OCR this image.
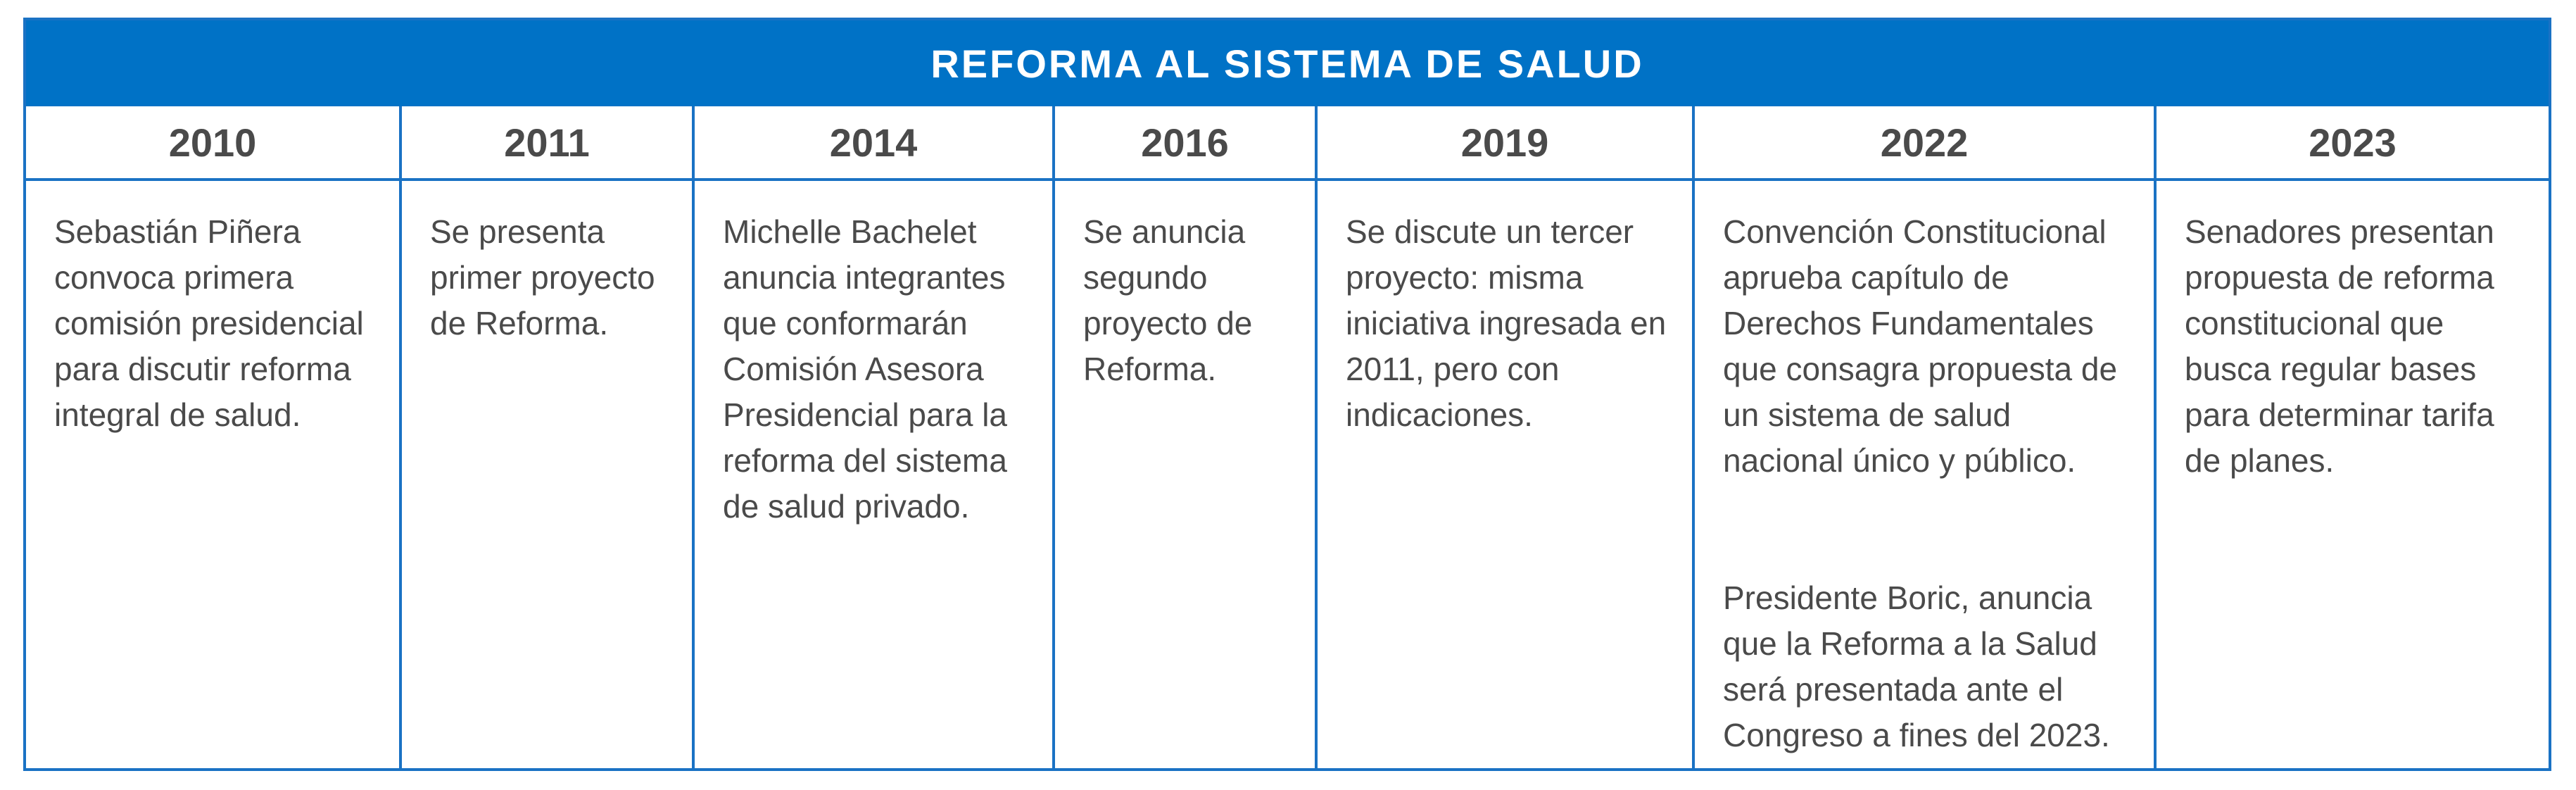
REFORMA AL SISTEMA DE SALUD
2010

Sebastián Piñera convoca primera comisión presidencial para discutir reforma integral de salud.

2011

Se presenta primer proyecto de Reforma.

2014

Michelle Bachelet anuncia integrantes que conformarán Comisión Asesora Presidencial para la reforma del sistema de salud privado.

2016

Se anuncia segundo proyecto de Reforma.

2019

Se discute un tercer proyecto: misma iniciativa ingresada en 2011, pero con indicaciones.

2022

Convención Constitucional aprueba capítulo de Derechos Fundamentales que consagra propuesta de un sistema de salud nacional único y público.

Presidente Boric, anuncia que la Reforma a la Salud será presentada ante el Congreso a fines del 2023.

2023

Senadores presentan propuesta de reforma constitucional que busca regular bases para determinar tarifa de planes.
